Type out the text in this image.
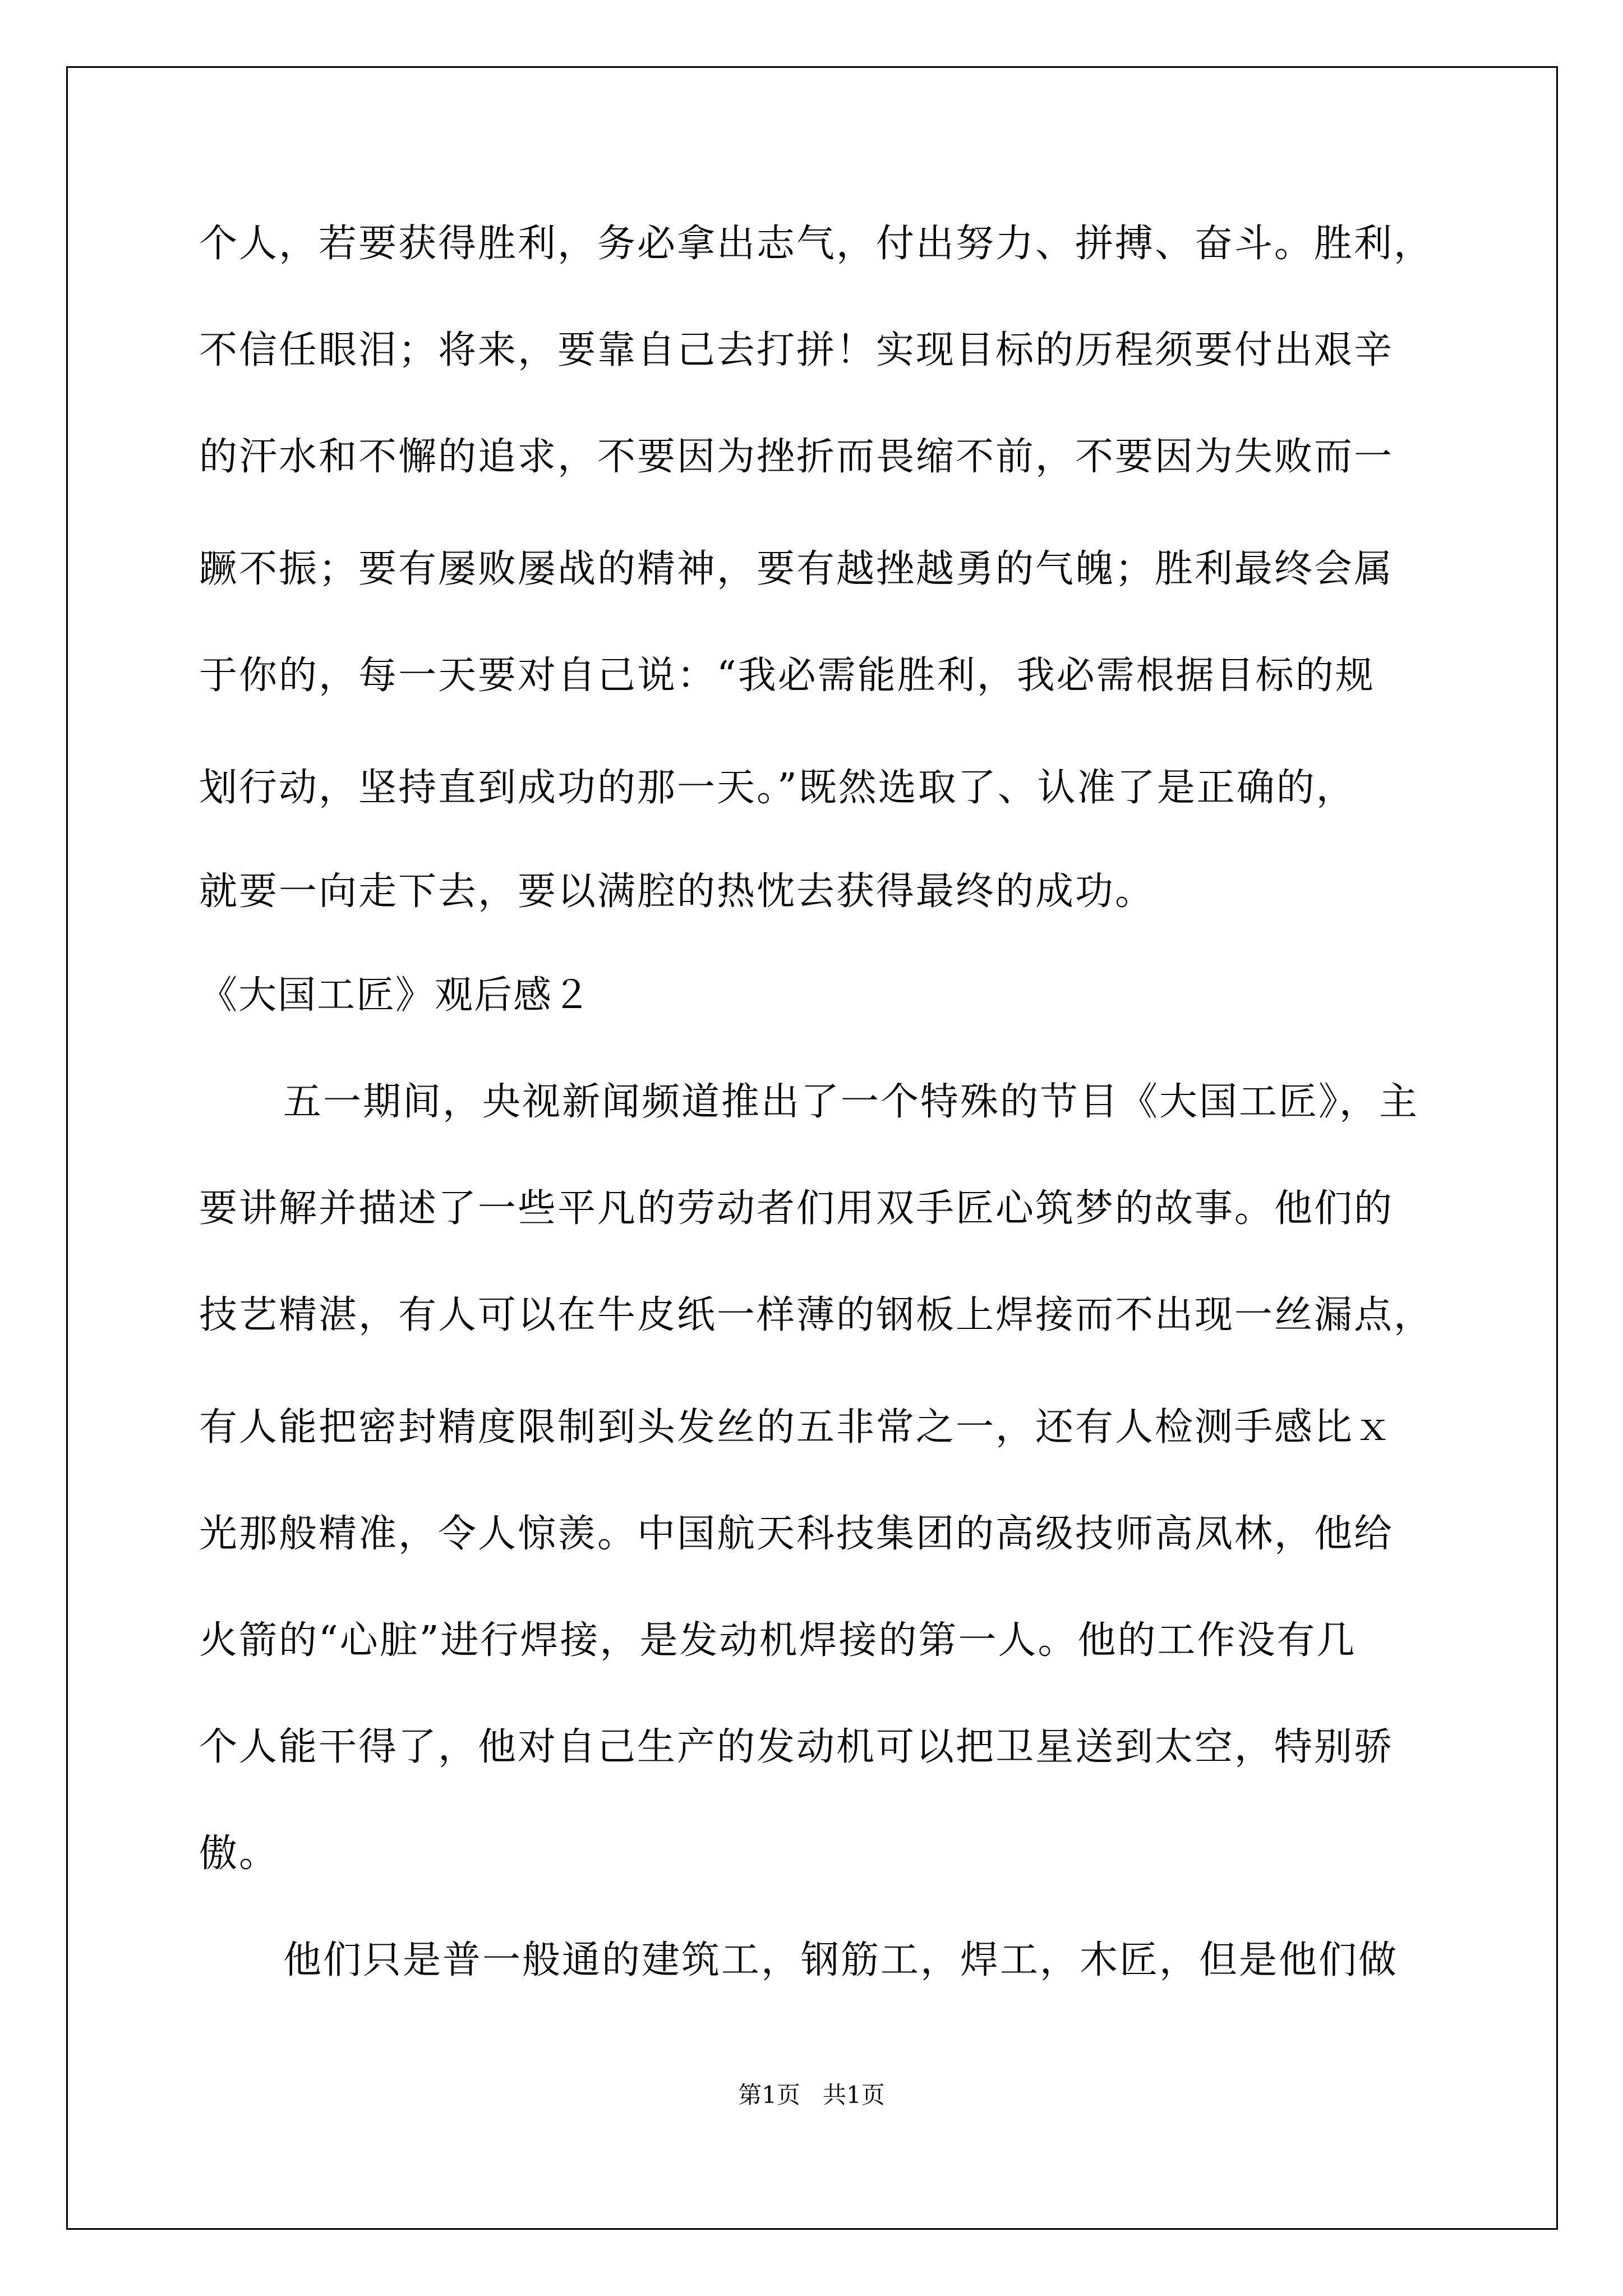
个人，若要获得胜利，务必拿出志气，付出努力、拼搏、奋斗。胜利，

不信任眼泪；将来，要靠自己去打拼！实现目标的历程须要付出艰辛

的汗水和不懈的追求，不要因为挫折而畏缩不前，不要因为失败而一

蹶不振；要有屡败屡战的精神，要有越挫越勇的气魄；胜利最终会属

于你的，每一天要对自己说：“我必需能胜利，我必需根据目标的规

划行动，坚持直到成功的那一天。”既然选取了、认准了是正确的，

就要一向走下去，要以满腔的热忱去获得最终的成功。

《大国工匠》观后感２

五一期间，央视新闻频道推出了一个特殊的节目《大国工匠》，主

要讲解并描述了一些平凡的劳动者们用双手匠心筑梦的故事。他们的

技艺精湛，有人可以在牛皮纸一样薄的钢板上焊接而不出现一丝漏点，

有人能把密封精度限制到头发丝的五非常之一，还有人检测手感比ｘ

光那般精准，令人惊羡。中国航天科技集团的高级技师高凤林，他给

火箭的“心脏”进行焊接，是发动机焊接的第一人。他的工作没有几

个人能干得了，他对自己生产的发动机可以把卫星送到太空，特别骄

傲。

他们只是普一般通的建筑工，钢筋工，焊工，木匠，但是他们做

第1页   共1页
